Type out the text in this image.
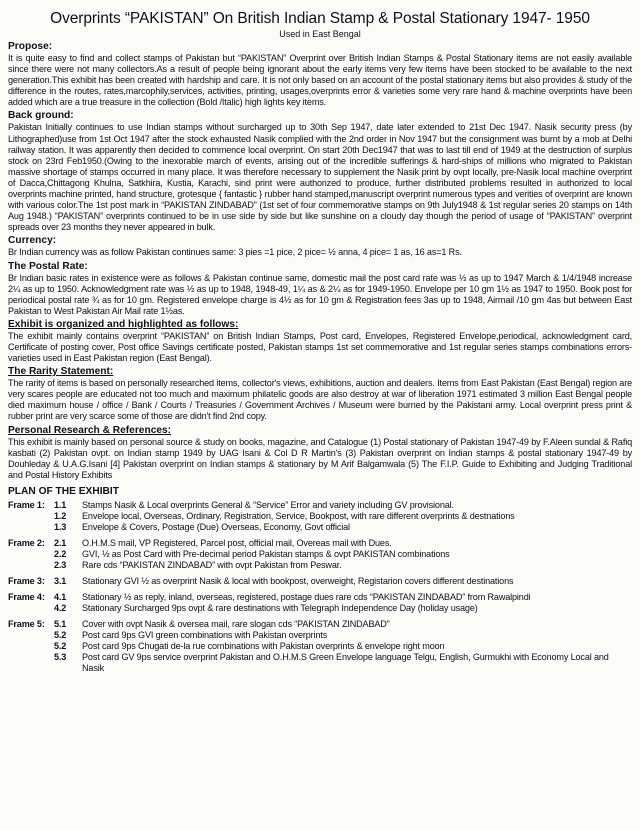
Overprints “PAKISTAN” On British Indian Stamp & Postal Stationary 1947- 1950
Used in East Bengal
Propose:
It is quite easy to find and collect stamps of Pakistan but “PAKISTAN” Overprint over British Indian Stamps & Postal Stationary items are not easily available since there were not many collectors.As a result of people being ignorant about the early items very few items have been stocked to be available to the next generation.This exhibit has been created with hardship and care. It is not only based on an account of the postal stationary items but also provides & study of the difference in the routes, rates,marcophily,services, activities, printing, usages,overprints error & varieties some very rare hand & machine overprints have been added which are a true treasure in the collection (Bold /Italic) high lights key items.
Back ground:
Pakistan Initially continues to use Indian stamps without surcharged up to 30th Sep 1947, date later extended to 21st Dec 1947. Nasik security press (by Lithographed)use from 1st Oct 1947 after the stock exhausted Nasik complied with the 2nd order in Nov 1947 but the consignment was burnt by a mob at Delhi railway station. It was apparently then decided to commence local overprint. On start 20th Dec1947 that was to last till end of 1949 at the destruction of surplus stock on 23rd Feb1950.(Owing to the inexorable march of events, arising out of the incredible sufferings & hard-ships of millions who migrated to Pakistan massive shortage of stamps occurred in many place. It was therefore necessary to supplement the Nasik print by ovpt locally, pre-Nasik local machine overprint of Dacca,Chittagong Khulna, Satkhira, Kustia, Karachi, sind print were authorized to produce, further distributed problems resulted in authorized to local overprints machine printed, hand structure, grotesque { fantastic } rubber hand stamped,manuscript overprint numerous types and verities of overprint are known with various color.The 1st post mark in “PAKISTAN ZINDABAD” (1st set of four commemorative stamps on 9th July1948 & 1st regular series 20 stamps on 14th Aug 1948.) “PAKISTAN” overprints continued to be in use side by side but like sunshine on a cloudy day though the period of usage of “PAKISTAN” overprint spreads over 23 months they never appeared in bulk.
Currency:
Br Indian currency was as follow Pakistan continues same: 3 pies =1 pice, 2 pice= ½ anna, 4 pice= 1 as, 16 as=1 Rs.
The Postal Rate:
Br Indian basic rates in existence were as follows & Pakistan continue same, domestic mail the post card rate was ½ as up to 1947 March & 1/4/1948 increase 2¼ as up to 1950. Acknowledgment rate was ½ as up to 1948, 1948-49, 1¼ as & 2¼ as for 1949-1950. Envelope per 10 gm 1½ as 1947 to 1950. Book post for periodical postal rate ¾ as for 10 gm. Registered envelope charge is 4½ as for 10 gm & Registration fees 3as up to 1948, Airmail /10 gm 4as but between East Pakistan to West Pakistan Air Mail rate 1½as.
Exhibit is organized and highlighted as follows:
The exhibit mainly contains overprint “PAKISTAN” on British Indian Stamps, Post card, Envelopes, Registered Envelope,periodical, acknowledgment card, Certificate of posting cover, Post office Savings certificate posted, Pakistan stamps 1st set commemorative and 1st regular series stamps combinations errors- varieties used in East Pakistan region (East Bengal).
The Rarity Statement:
The rarity of items is based on personally researched items, collector's views, exhibitions, auction and dealers. Items from East Pakistan (East Bengal) region are very scares people are educated not too much and maximum philatelic goods are also destroy at war of liberation 1971 estimated 3 million East Bengal people died maximum house / office / Bank / Courts / Treasuries / Government Archives / Museum were burned by the Pakistani army. Local overprint press print & rubber print are very scarce some of those are didn't find 2nd copy.
Personal Research & References:
This exhibit is mainly based on personal source & study on books, magazine, and Catalogue (1) Postal stationary of Pakistan 1947-49 by F.Aleen sundal & Rafiq kasbati (2) Pakistan ovpt. on Indian stamp 1949 by UAG Isani & Col D R Martin's (3) Pakistan overprint on Indian stamps & postal stationary 1947-49 by Douhleday & U.A.G.Isani [4] Pakistan overprint on Indian stamps & stationary by M Arif Balgamwala (5) The F.I.P. Guide to Exhibiting and Judging Traditional and Postal History Exhibits
PLAN OF THE EXHIBIT
Frame 1:	1.1	Stamps Nasik & Local overprints General & “Service” Error and variety including GV provisional.
1.2	Envelope local, Overseas, Ordinary, Registration, Service, Bookpost, with rare different overprints & destnations
1.3	Envelope & Covers, Postage (Due) Overseas, Economy, Govt official
Frame 2:	2.1	O.H.M.S mail, VP Registered, Parcel post, official mail, Overeas mail with Dues.
2.2	GVI, ½ as Post Card with Pre-decimal period Pakistan stamps & ovpt PAKISTAN combinations
2.3	Rare cds “PAKISTAN ZINDABAD” with ovpt Pakistan from Peswar.
Frame 3:	3.1	Stationary GVI ½ as overprint Nasik & local with bookpost, overweight, Registarion covers different destinations
Frame 4:	4.1	Stationary ½ as reply, inland, overseas, registered, postage dues rare cds “PAKISTAN ZINDABAD” from Rawalpindi
4.2	Stationary Surcharged 9ps ovpt & rare destinations with Telegraph Independence Day (holiday usage)
Frame 5:	5.1	Cover with ovpt Nasik & oversea mail, rare slogan cds “PAKISTAN ZINDABAD”
5.2	Post card 9ps GVI green combinations with Pakistan overprints
5.2	Post card 9ps Chugati de-la rue combinations with Pakistan overprints & envelope right moon
5.3	Post card GV 9ps service overprint Pakistan and O.H.M.S Green Envelope language Telgu, English, Gurmukhi with Economy Local and Nasik
